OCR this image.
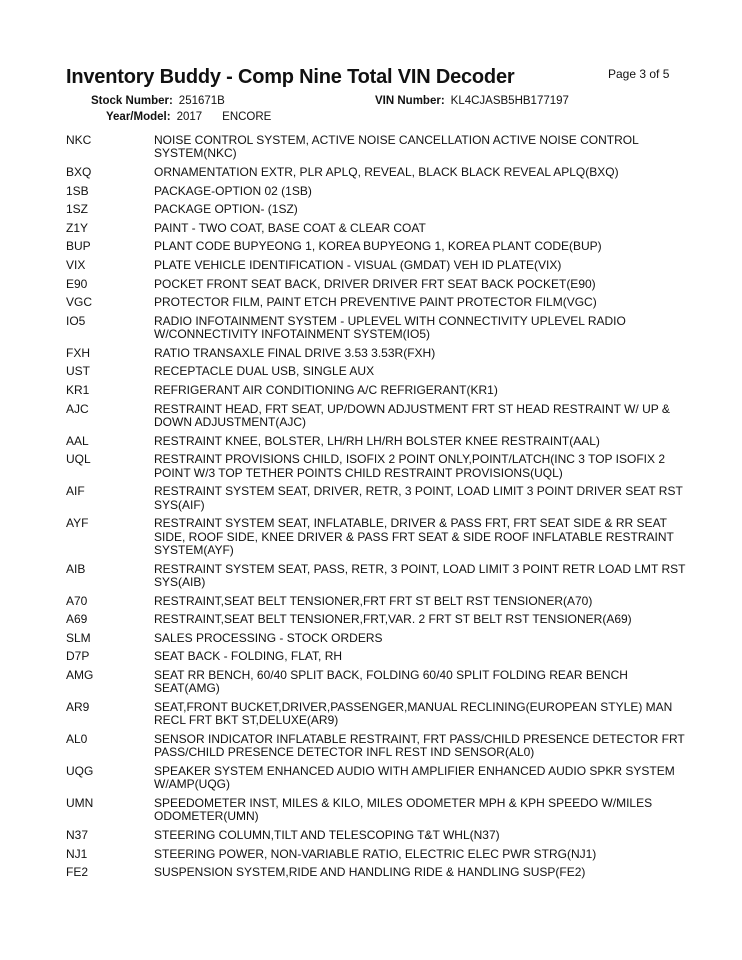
Inventory Buddy - Comp Nine Total VIN Decoder	Page 3 of 5
Stock Number: 251671B	VIN Number: KL4CJASB5HB177197
Year/Model: 2017 ENCORE
NKC	NOISE CONTROL SYSTEM, ACTIVE NOISE CANCELLATION ACTIVE NOISE CONTROL SYSTEM(NKC)
BXQ	ORNAMENTATION EXTR, PLR APLQ, REVEAL, BLACK BLACK REVEAL APLQ(BXQ)
1SB	PACKAGE-OPTION 02 (1SB)
1SZ	PACKAGE OPTION- (1SZ)
Z1Y	PAINT - TWO COAT, BASE COAT & CLEAR COAT
BUP	PLANT CODE BUPYEONG 1, KOREA BUPYEONG 1, KOREA PLANT CODE(BUP)
VIX	PLATE VEHICLE IDENTIFICATION - VISUAL (GMDAT) VEH ID PLATE(VIX)
E90	POCKET FRONT SEAT BACK, DRIVER DRIVER FRT SEAT BACK POCKET(E90)
VGC	PROTECTOR FILM, PAINT ETCH PREVENTIVE PAINT PROTECTOR FILM(VGC)
IO5	RADIO INFOTAINMENT SYSTEM - UPLEVEL WITH CONNECTIVITY UPLEVEL RADIO W/CONNECTIVITY INFOTAINMENT SYSTEM(IO5)
FXH	RATIO TRANSAXLE FINAL DRIVE 3.53 3.53R(FXH)
UST	RECEPTACLE DUAL USB, SINGLE AUX
KR1	REFRIGERANT AIR CONDITIONING A/C REFRIGERANT(KR1)
AJC	RESTRAINT HEAD, FRT SEAT, UP/DOWN ADJUSTMENT FRT ST HEAD RESTRAINT W/ UP & DOWN ADJUSTMENT(AJC)
AAL	RESTRAINT KNEE, BOLSTER, LH/RH LH/RH BOLSTER KNEE RESTRAINT(AAL)
UQL	RESTRAINT PROVISIONS CHILD, ISOFIX 2 POINT ONLY,POINT/LATCH(INC 3 TOP ISOFIX 2 POINT W/3 TOP TETHER POINTS CHILD RESTRAINT PROVISIONS(UQL)
AIF	RESTRAINT SYSTEM SEAT, DRIVER, RETR, 3 POINT, LOAD LIMIT 3 POINT DRIVER SEAT RST SYS(AIF)
AYF	RESTRAINT SYSTEM SEAT, INFLATABLE, DRIVER & PASS FRT, FRT SEAT SIDE & RR SEAT SIDE, ROOF SIDE, KNEE DRIVER & PASS FRT SEAT & SIDE ROOF INFLATABLE RESTRAINT SYSTEM(AYF)
AIB	RESTRAINT SYSTEM SEAT, PASS, RETR, 3 POINT, LOAD LIMIT 3 POINT RETR LOAD LMT RST SYS(AIB)
A70	RESTRAINT,SEAT BELT TENSIONER,FRT FRT ST BELT RST TENSIONER(A70)
A69	RESTRAINT,SEAT BELT TENSIONER,FRT,VAR. 2 FRT ST BELT RST TENSIONER(A69)
SLM	SALES PROCESSING - STOCK ORDERS
D7P	SEAT BACK - FOLDING, FLAT, RH
AMG	SEAT RR BENCH, 60/40 SPLIT BACK, FOLDING 60/40 SPLIT FOLDING REAR BENCH SEAT(AMG)
AR9	SEAT,FRONT BUCKET,DRIVER,PASSENGER,MANUAL RECLINING(EUROPEAN STYLE) MAN RECL FRT BKT ST,DELUXE(AR9)
AL0	SENSOR INDICATOR INFLATABLE RESTRAINT, FRT PASS/CHILD PRESENCE DETECTOR FRT PASS/CHILD PRESENCE DETECTOR INFL REST IND SENSOR(AL0)
UQG	SPEAKER SYSTEM ENHANCED AUDIO WITH AMPLIFIER ENHANCED AUDIO SPKR SYSTEM W/AMP(UQG)
UMN	SPEEDOMETER INST, MILES & KILO, MILES ODOMETER MPH & KPH SPEEDO W/MILES ODOMETER(UMN)
N37	STEERING COLUMN,TILT AND TELESCOPING T&T WHL(N37)
NJ1	STEERING POWER, NON-VARIABLE RATIO, ELECTRIC ELEC PWR STRG(NJ1)
FE2	SUSPENSION SYSTEM,RIDE AND HANDLING RIDE & HANDLING SUSP(FE2)
